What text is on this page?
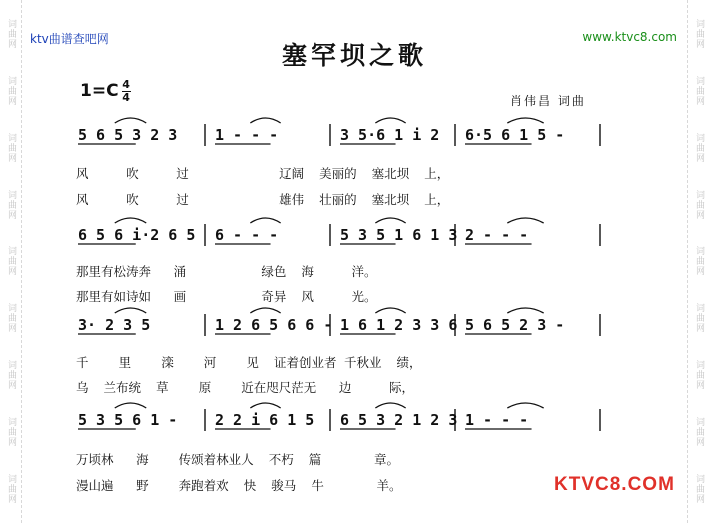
词曲网
词曲网
词曲网
词曲网
词曲网
词曲网
词曲网
词曲网
词曲网
词曲网
词曲网
词曲网
词曲网
词曲网
词曲网
词曲网
词曲网
词曲网
ktv曲谱查吧网	www.ktvc8.com
塞罕坝之歌
$1=C \frac{4}{4}$	肖伟昌 词曲
5 6 5 3 2 3	1 - - -	3 5·6 1 i 2 6·5 6 1 5 -
6 5 6 i·2 6 5 6 - - -	5 3 5 1 6 1 3 2 - - -
3· 2 3 5	1 2 6 5 6 6 - 1 6 1 2 3 3 6 5 6 5 2 3 -
5 3 5 6 1 -	2 2 i 6 1 5 6 5 3 2 1 2 3 1 - - -
风     吹     过            辽阔  美丽的  塞北坝  上，
风     吹     过            雄伟  壮丽的  塞北坝  上，
那里有松涛奔   涌          绿色  海     洋。
那里有如诗如   画          奇异  风     光。
千    里    滦    河    见  证着创业者 千秋业  绩，
乌  兰布统  草    原    近在咫尺茫无   边     际，
万顷林   海    传颂着林业人  不朽  篇       章。
漫山遍   野    奔跑着欢  快  骏马  牛       羊。	KTVC8.COM
